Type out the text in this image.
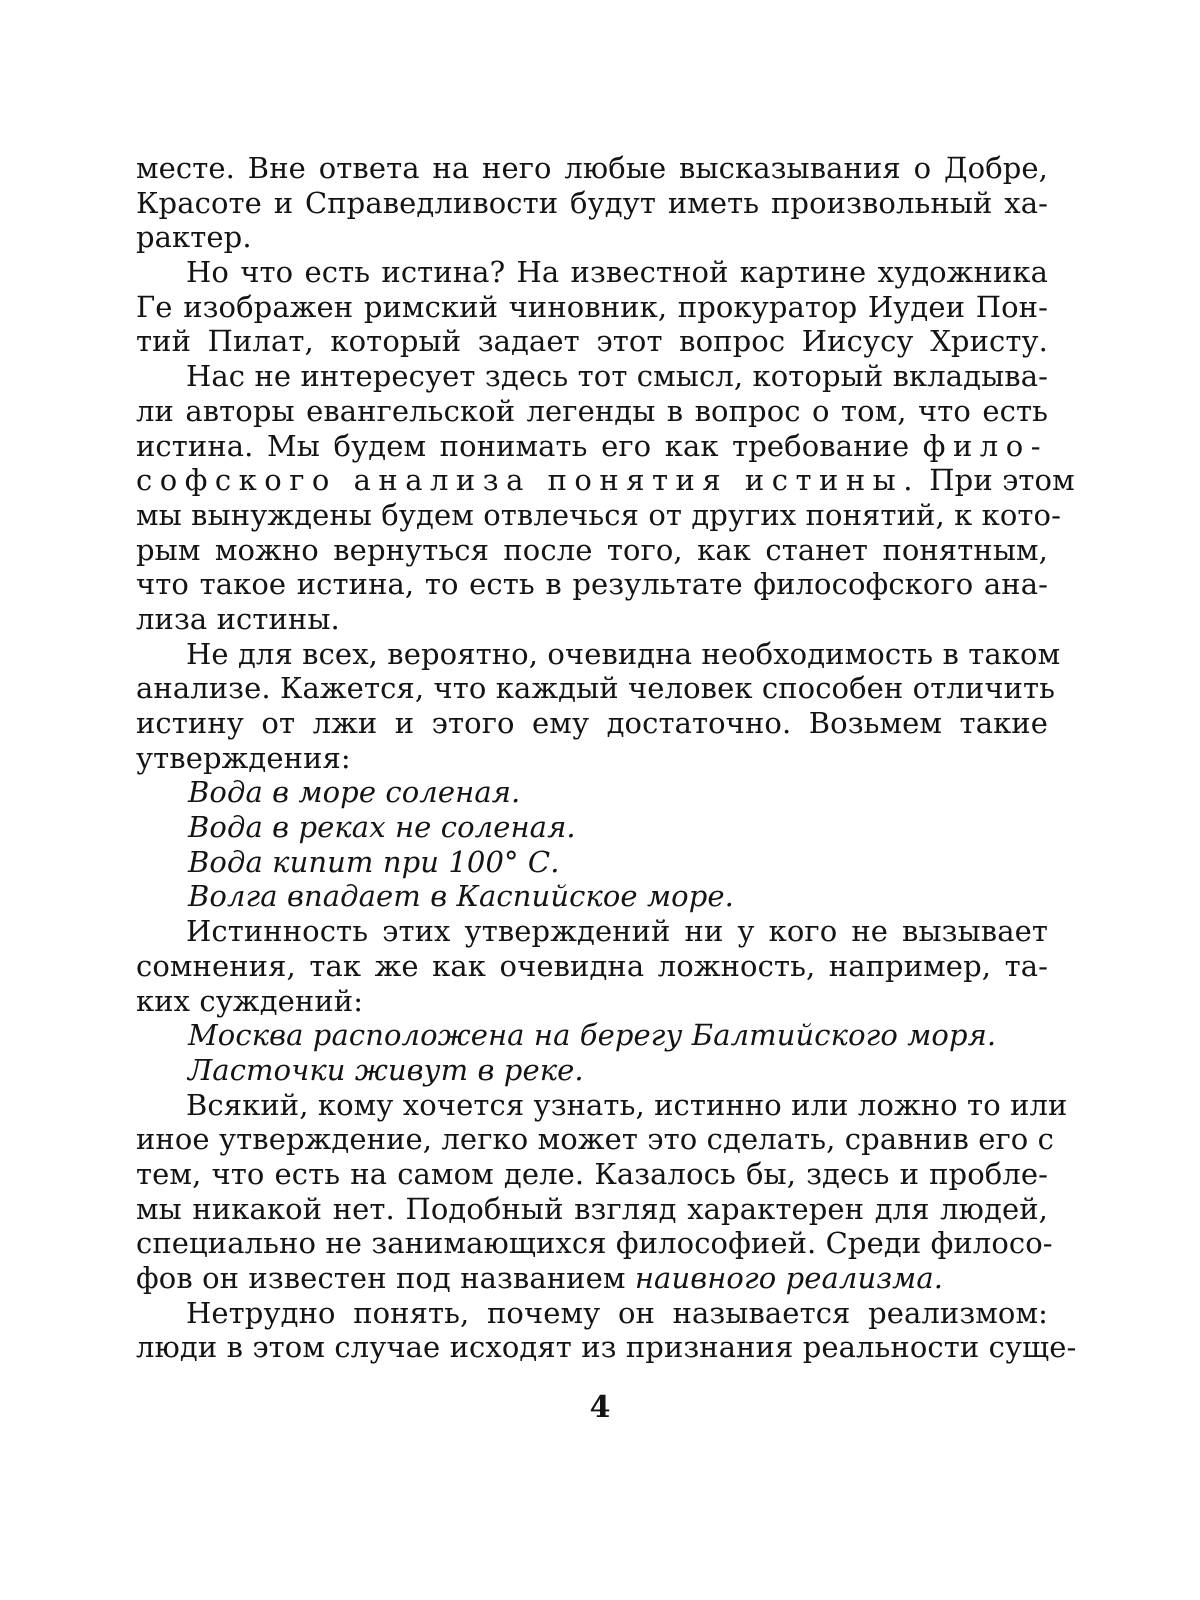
месте. Вне ответа на него любые высказывания о Добре,
Красоте и Справедливости будут иметь произвольный ха-
рактер.
Но что есть истина? На известной картине художника
Ге изображен римский чиновник, прокуратор Иудеи Пон-
тий Пилат, который задает этот вопрос Иисусу Христу.
Нас не интересует здесь тот смысл, который вкладыва-
ли авторы евангельской легенды в вопрос о том, что есть
истина. Мы будем понимать его как требование фило-
софского анализа понятия истины. При этом
мы вынуждены будем отвлечься от других понятий, к кото-
рым можно вернуться после того, как станет понятным,
что такое истина, то есть в результате философского ана-
лиза истины.
Не для всех, вероятно, очевидна необходимость в таком
анализе. Кажется, что каждый человек способен отличить
истину от лжи и этого ему достаточно. Возьмем такие
утверждения:
Вода в море соленая.
Вода в реках не соленая.
Вода кипит при 100° С.
Волга впадает в Каспийское море.
Истинность этих утверждений ни у кого не вызывает
сомнения, так же как очевидна ложность, например, та-
ких суждений:
Москва расположена на берегу Балтийского моря.
Ласточки живут в реке.
Всякий, кому хочется узнать, истинно или ложно то или
иное утверждение, легко может это сделать, сравнив его с
тем, что есть на самом деле. Казалось бы, здесь и пробле-
мы никакой нет. Подобный взгляд характерен для людей,
специально не занимающихся философией. Среди филосо-
фов он известен под названием наивного реализма.
Нетрудно понять, почему он называется реализмом:
люди в этом случае исходят из признания реальности суще-
4
